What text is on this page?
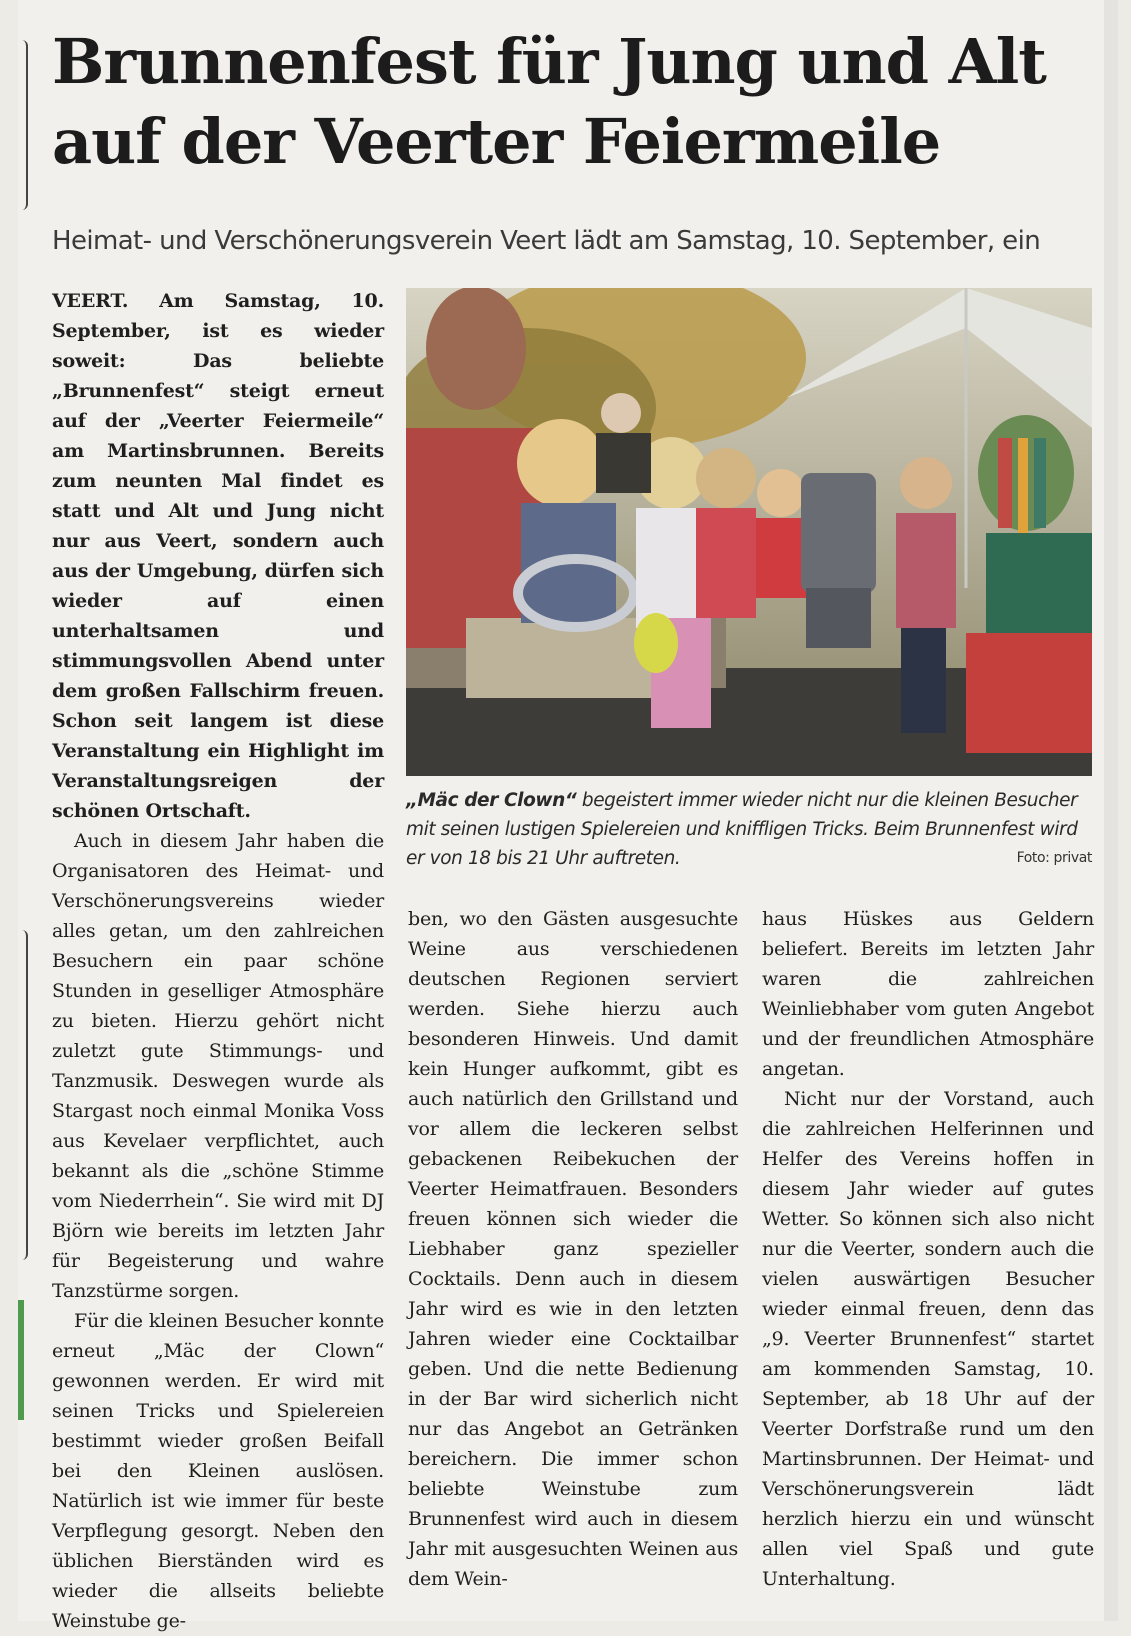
Brunnenfest für Jung und Alt auf der Veerter Feiermeile
Heimat- und Verschönerungsverein Veert lädt am Samstag, 10. September, ein

VEERT. Am Samstag, 10. September, ist es wieder soweit: Das beliebte „Brunnenfest“ steigt erneut auf der „Veerter Feiermeile“ am Martinsbrunnen. Bereits zum neunten Mal findet es statt und Alt und Jung nicht nur aus Veert, sondern auch aus der Umgebung, dürfen sich wieder auf einen unterhaltsamen und stimmungsvollen Abend unter dem großen Fallschirm freuen. Schon seit langem ist diese Veranstaltung ein Highlight im Veranstaltungsreigen der schönen Ortschaft.

Auch in diesem Jahr haben die Organisatoren des Heimat- und Verschönerungsvereins wieder alles getan, um den zahlreichen Besuchern ein paar schöne Stunden in geselliger Atmosphäre zu bieten. Hierzu gehört nicht zuletzt gute Stimmungs- und Tanzmusik. Deswegen wurde als Stargast noch einmal Monika Voss aus Kevelaer verpflichtet, auch bekannt als die „schöne Stimme vom Niederrhein“. Sie wird mit DJ Björn wie bereits im letzten Jahr für Begeisterung und wahre Tanzstürme sorgen.

Für die kleinen Besucher konnte erneut „Mäc der Clown“ gewonnen werden. Er wird mit seinen Tricks und Spielereien bestimmt wieder großen Beifall bei den Kleinen auslösen. Natürlich ist wie immer für beste Verpflegung gesorgt. Neben den üblichen Bierständen wird es wieder die allseits beliebte Weinstube ge-

„Mäc der Clown“ begeistert immer wieder nicht nur die kleinen Besucher mit seinen lustigen Spielereien und kniffligen Tricks. Beim Brunnenfest wird er von 18 bis 21 Uhr auftreten.	Foto: privat

ben, wo den Gästen ausgesuchte Weine aus verschiedenen deutschen Regionen serviert werden. Siehe hierzu auch besonderen Hinweis. Und damit kein Hunger aufkommt, gibt es auch natürlich den Grillstand und vor allem die leckeren selbst gebackenen Reibekuchen der Veerter Heimatfrauen. Besonders freuen können sich wieder die Liebhaber ganz spezieller Cocktails. Denn auch in diesem Jahr wird es wie in den letzten Jahren wieder eine Cocktailbar geben. Und die nette Bedienung in der Bar wird sicherlich nicht nur das Angebot an Getränken bereichern. Die immer schon beliebte Weinstube zum Brunnenfest wird auch in diesem Jahr mit ausgesuchten Weinen aus dem Wein-

haus Hüskes aus Geldern beliefert. Bereits im letzten Jahr waren die zahlreichen Weinliebhaber vom guten Angebot und der freundlichen Atmosphäre angetan.

Nicht nur der Vorstand, auch die zahlreichen Helferinnen und Helfer des Vereins hoffen in diesem Jahr wieder auf gutes Wetter. So können sich also nicht nur die Veerter, sondern auch die vielen auswärtigen Besucher wieder einmal freuen, denn das „9. Veerter Brunnenfest“ startet am kommenden Samstag, 10. September, ab 18 Uhr auf der Veerter Dorfstraße rund um den Martinsbrunnen. Der Heimat- und Verschönerungsverein lädt herzlich hierzu ein und wünscht allen viel Spaß und gute Unterhaltung.
